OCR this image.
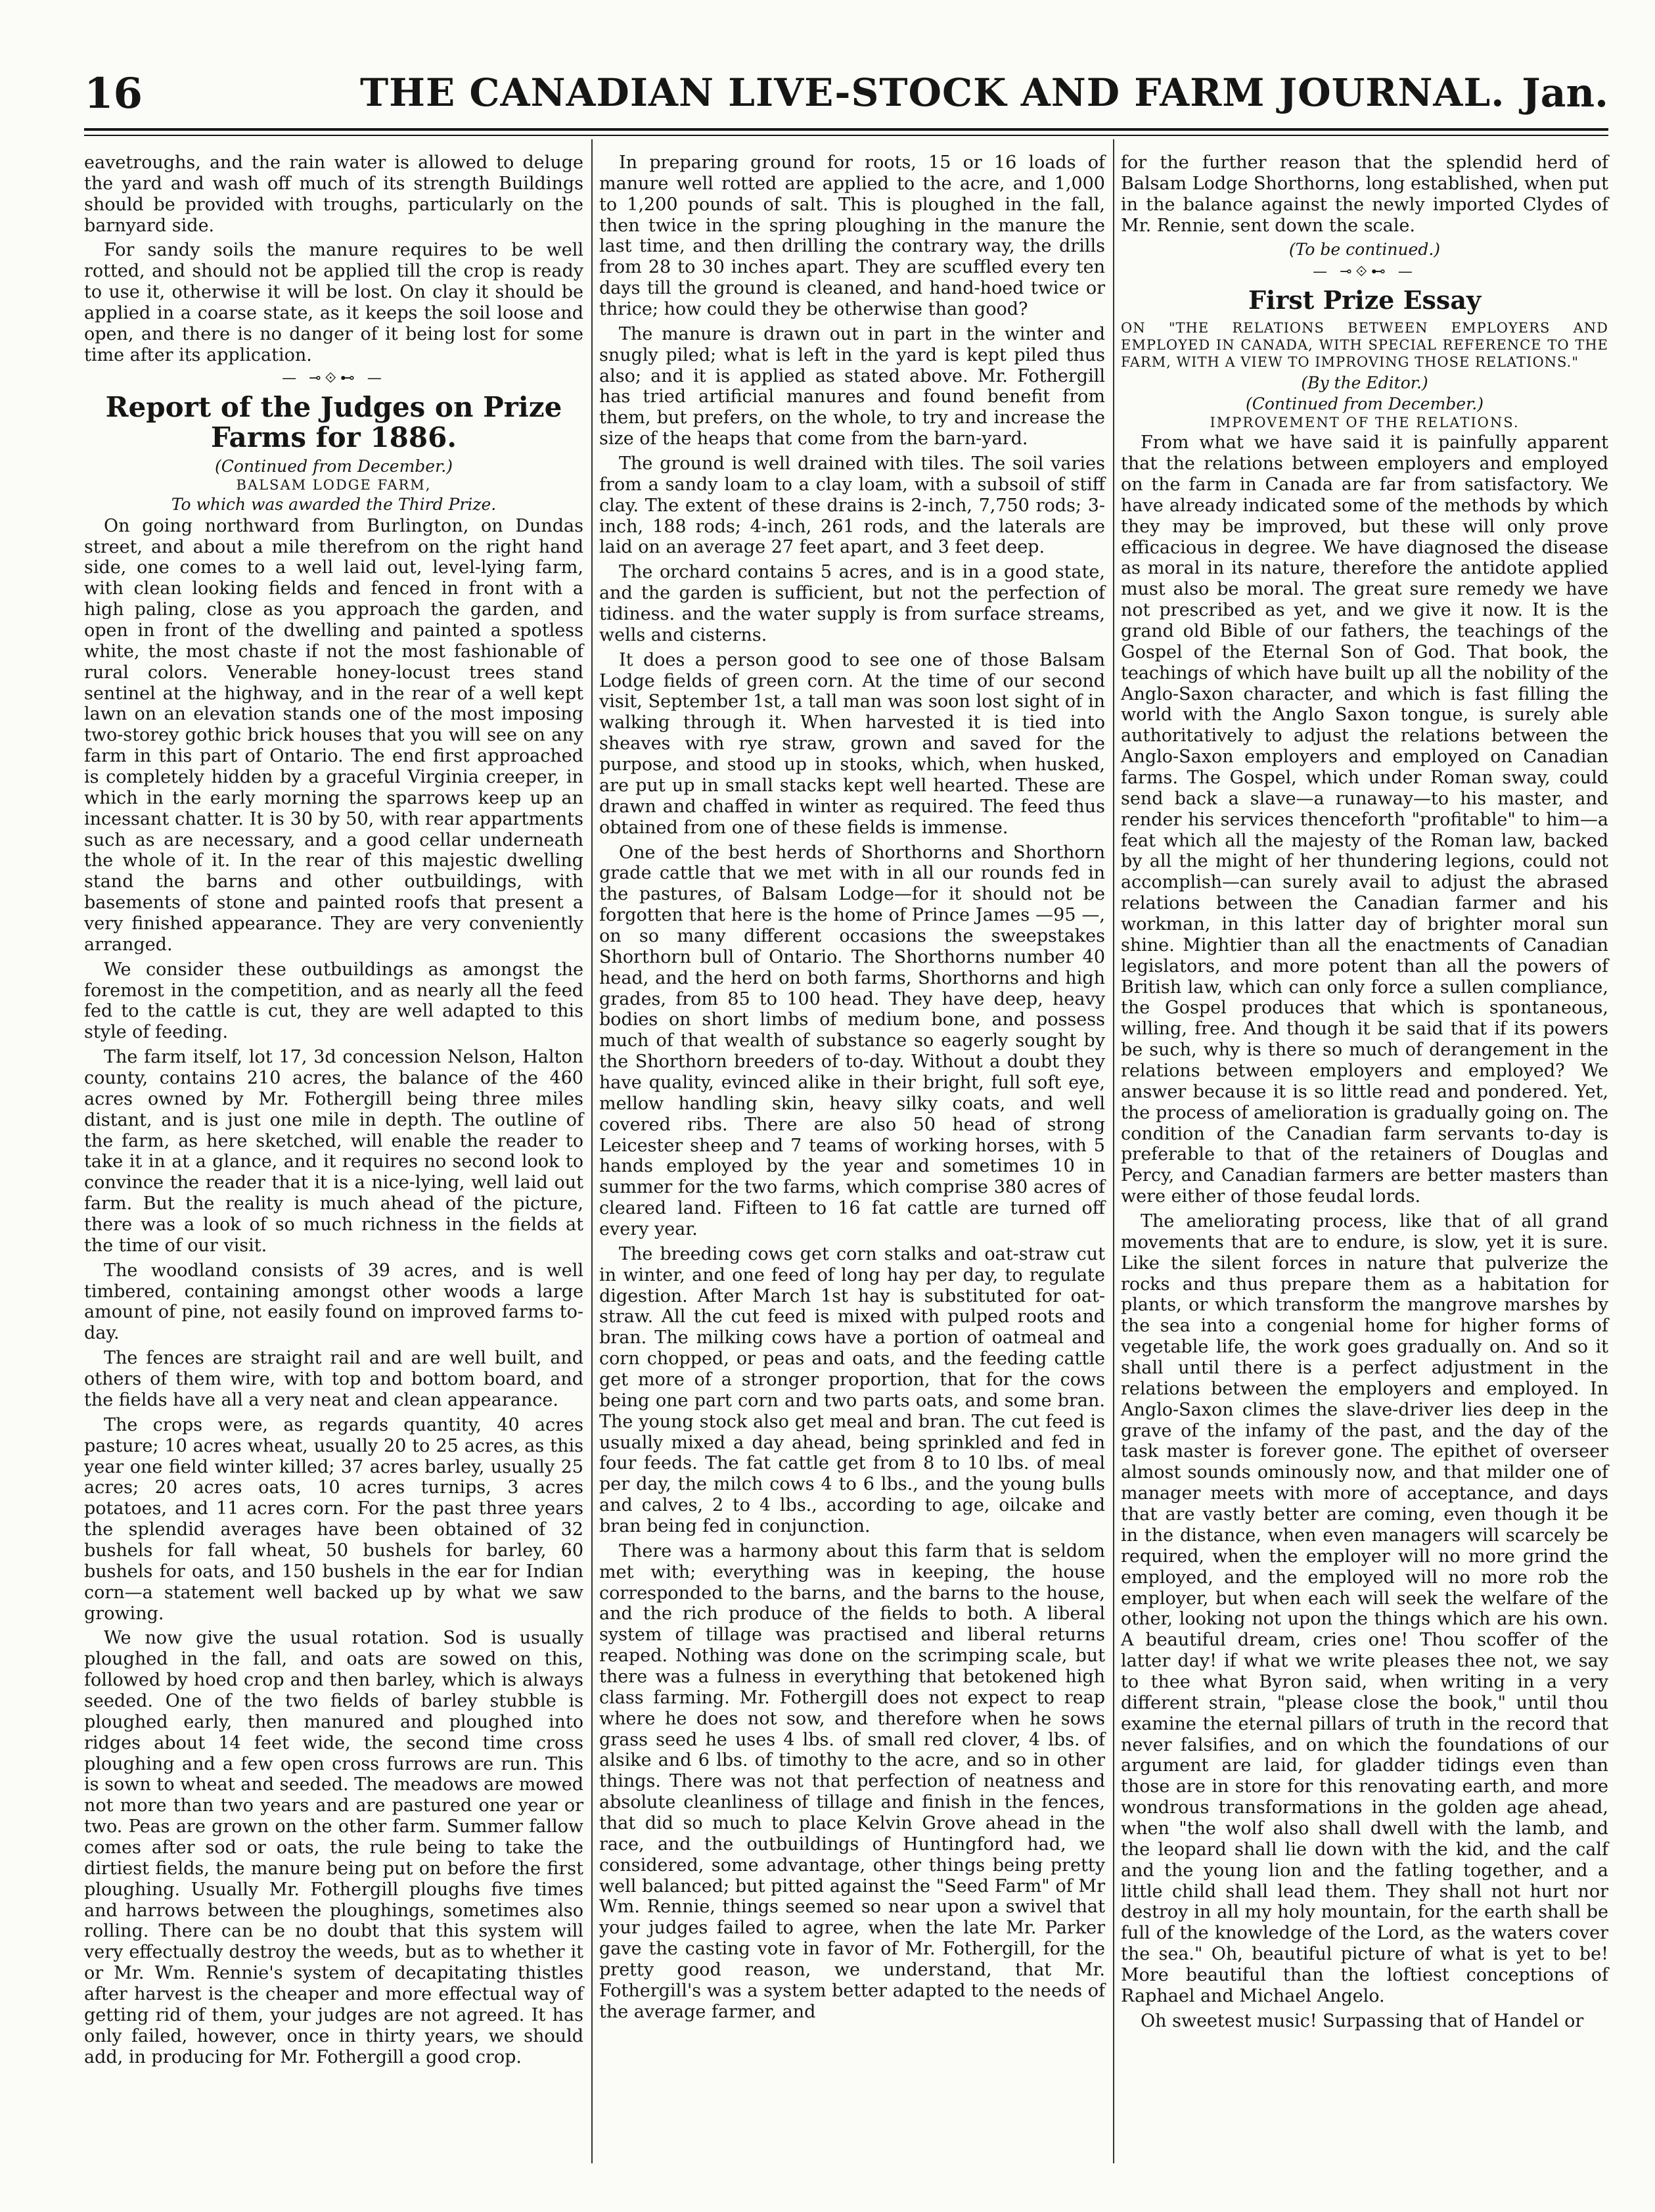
16	THE CANADIAN LIVE-STOCK AND FARM JOURNAL. Jan.

eavetroughs, and the rain water is allowed to deluge the yard and wash off much of its strength Buildings should be provided with troughs, particularly on the barnyard side.

For sandy soils the manure requires to be well rotted, and should not be applied till the crop is ready to use it, otherwise it will be lost. On clay it should be applied in a coarse state, as it keeps the soil loose and open, and there is no danger of it being lost for some time after its application.

— ⊸⟐⊷ —
Report of the Judges on Prize Farms for 1886.
(Continued from December.)
BALSAM LODGE FARM,
To which was awarded the Third Prize.

On going northward from Burlington, on Dundas street, and about a mile therefrom on the right hand side, one comes to a well laid out, level-lying farm, with clean looking fields and fenced in front with a high paling, close as you approach the garden, and open in front of the dwelling and painted a spotless white, the most chaste if not the most fashionable of rural colors. Venerable honey-locust trees stand sentinel at the highway, and in the rear of a well kept lawn on an elevation stands one of the most imposing two-storey gothic brick houses that you will see on any farm in this part of Ontario. The end first approached is completely hidden by a graceful Virginia creeper, in which in the early morning the sparrows keep up an incessant chatter. It is 30 by 50, with rear appartments such as are necessary, and a good cellar underneath the whole of it. In the rear of this majestic dwelling stand the barns and other outbuildings, with basements of stone and painted roofs that present a very finished appearance. They are very conveniently arranged.

We consider these outbuildings as amongst the foremost in the competition, and as nearly all the feed fed to the cattle is cut, they are well adapted to this style of feeding.

The farm itself, lot 17, 3d concession Nelson, Halton county, contains 210 acres, the balance of the 460 acres owned by Mr. Fothergill being three miles distant, and is just one mile in depth. The outline of the farm, as here sketched, will enable the reader to take it in at a glance, and it requires no second look to convince the reader that it is a nice-lying, well laid out farm. But the reality is much ahead of the picture, there was a look of so much richness in the fields at the time of our visit.

The woodland consists of 39 acres, and is well timbered, containing amongst other woods a large amount of pine, not easily found on improved farms to-day.

The fences are straight rail and are well built, and others of them wire, with top and bottom board, and the fields have all a very neat and clean appearance.

The crops were, as regards quantity, 40 acres pasture; 10 acres wheat, usually 20 to 25 acres, as this year one field winter killed; 37 acres barley, usually 25 acres; 20 acres oats, 10 acres turnips, 3 acres potatoes, and 11 acres corn. For the past three years the splendid averages have been obtained of 32 bushels for fall wheat, 50 bushels for barley, 60 bushels for oats, and 150 bushels in the ear for Indian corn—a statement well backed up by what we saw growing.

We now give the usual rotation. Sod is usually ploughed in the fall, and oats are sowed on this, followed by hoed crop and then barley, which is always seeded. One of the two fields of barley stubble is ploughed early, then manured and ploughed into ridges about 14 feet wide, the second time cross ploughing and a few open cross furrows are run. This is sown to wheat and seeded. The meadows are mowed not more than two years and are pastured one year or two. Peas are grown on the other farm. Summer fallow comes after sod or oats, the rule being to take the dirtiest fields, the manure being put on before the first ploughing. Usually Mr. Fothergill ploughs five times and harrows between the ploughings, sometimes also rolling. There can be no doubt that this system will very effectually destroy the weeds, but as to whether it or Mr. Wm. Rennie's system of decapitating thistles after harvest is the cheaper and more effectual way of getting rid of them, your judges are not agreed. It has only failed, however, once in thirty years, we should add, in producing for Mr. Fothergill a good crop.

In preparing ground for roots, 15 or 16 loads of manure well rotted are applied to the acre, and 1,000 to 1,200 pounds of salt. This is ploughed in the fall, then twice in the spring ploughing in the manure the last time, and then drilling the contrary way, the drills from 28 to 30 inches apart. They are scuffled every ten days till the ground is cleaned, and hand-hoed twice or thrice; how could they be otherwise than good?

The manure is drawn out in part in the winter and snugly piled; what is left in the yard is kept piled thus also; and it is applied as stated above. Mr. Fothergill has tried artificial manures and found benefit from them, but prefers, on the whole, to try and increase the size of the heaps that come from the barn-yard.

The ground is well drained with tiles. The soil varies from a sandy loam to a clay loam, with a subsoil of stiff clay. The extent of these drains is 2-inch, 7,750 rods; 3-inch, 188 rods; 4-inch, 261 rods, and the laterals are laid on an average 27 feet apart, and 3 feet deep.

The orchard contains 5 acres, and is in a good state, and the garden is sufficient, but not the perfection of tidiness. and the water supply is from surface streams, wells and cisterns.

It does a person good to see one of those Balsam Lodge fields of green corn. At the time of our second visit, September 1st, a tall man was soon lost sight of in walking through it. When harvested it is tied into sheaves with rye straw, grown and saved for the purpose, and stood up in stooks, which, when husked, are put up in small stacks kept well hearted. These are drawn and chaffed in winter as required. The feed thus obtained from one of these fields is immense.

One of the best herds of Shorthorns and Shorthorn grade cattle that we met with in all our rounds fed in the pastures, of Balsam Lodge—for it should not be forgotten that here is the home of Prince James —95 —, on so many different occasions the sweepstakes Shorthorn bull of Ontario. The Shorthorns number 40 head, and the herd on both farms, Shorthorns and high grades, from 85 to 100 head. They have deep, heavy bodies on short limbs of medium bone, and possess much of that wealth of substance so eagerly sought by the Shorthorn breeders of to-day. Without a doubt they have quality, evinced alike in their bright, full soft eye, mellow handling skin, heavy silky coats, and well covered ribs. There are also 50 head of strong Leicester sheep and 7 teams of working horses, with 5 hands employed by the year and sometimes 10 in summer for the two farms, which comprise 380 acres of cleared land. Fifteen to 16 fat cattle are turned off every year.

The breeding cows get corn stalks and oat-straw cut in winter, and one feed of long hay per day, to regulate digestion. After March 1st hay is substituted for oat-straw. All the cut feed is mixed with pulped roots and bran. The milking cows have a portion of oatmeal and corn chopped, or peas and oats, and the feeding cattle get more of a stronger proportion, that for the cows being one part corn and two parts oats, and some bran. The young stock also get meal and bran. The cut feed is usually mixed a day ahead, being sprinkled and fed in four feeds. The fat cattle get from 8 to 10 lbs. of meal per day, the milch cows 4 to 6 lbs., and the young bulls and calves, 2 to 4 lbs., according to age, oilcake and bran being fed in conjunction.

There was a harmony about this farm that is seldom met with; everything was in keeping, the house corresponded to the barns, and the barns to the house, and the rich produce of the fields to both. A liberal system of tillage was practised and liberal returns reaped. Nothing was done on the scrimping scale, but there was a fulness in everything that betokened high class farming. Mr. Fothergill does not expect to reap where he does not sow, and therefore when he sows grass seed he uses 4 lbs. of small red clover, 4 lbs. of alsike and 6 lbs. of timothy to the acre, and so in other things. There was not that perfection of neatness and absolute cleanliness of tillage and finish in the fences, that did so much to place Kelvin Grove ahead in the race, and the outbuildings of Huntingford had, we considered, some advantage, other things being pretty well balanced; but pitted against the "Seed Farm" of Mr Wm. Rennie, things seemed so near upon a swivel that your judges failed to agree, when the late Mr. Parker gave the casting vote in favor of Mr. Fothergill, for the pretty good reason, we understand, that Mr. Fothergill's was a system better adapted to the needs of the average farmer, and

for the further reason that the splendid herd of Balsam Lodge Shorthorns, long established, when put in the balance against the newly imported Clydes of Mr. Rennie, sent down the scale.

(To be continued.)
— ⊸⟐⊷ —
First Prize Essay
ON "THE RELATIONS BETWEEN EMPLOYERS AND EMPLOYED IN CANADA, WITH SPECIAL REFERENCE TO THE FARM, WITH A VIEW TO IMPROVING THOSE RELATIONS."
(By the Editor.)
(Continued from December.)
IMPROVEMENT OF THE RELATIONS.

From what we have said it is painfully apparent that the relations between employers and employed on the farm in Canada are far from satisfactory. We have already indicated some of the methods by which they may be improved, but these will only prove efficacious in degree. We have diagnosed the disease as moral in its nature, therefore the antidote applied must also be moral. The great sure remedy we have not prescribed as yet, and we give it now. It is the grand old Bible of our fathers, the teachings of the Gospel of the Eternal Son of God. That book, the teachings of which have built up all the nobility of the Anglo-Saxon character, and which is fast filling the world with the Anglo Saxon tongue, is surely able authoritatively to adjust the relations between the Anglo-Saxon employers and employed on Canadian farms. The Gospel, which under Roman sway, could send back a slave—a runaway—to his master, and render his services thenceforth "profitable" to him—a feat which all the majesty of the Roman law, backed by all the might of her thundering legions, could not accomplish—can surely avail to adjust the abrased relations between the Canadian farmer and his workman, in this latter day of brighter moral sun shine. Mightier than all the enactments of Canadian legislators, and more potent than all the powers of British law, which can only force a sullen compliance, the Gospel produces that which is spontaneous, willing, free. And though it be said that if its powers be such, why is there so much of derangement in the relations between employers and employed? We answer because it is so little read and pondered. Yet, the process of amelioration is gradually going on. The condition of the Canadian farm servants to-day is preferable to that of the retainers of Douglas and Percy, and Canadian farmers are better masters than were either of those feudal lords.

The ameliorating process, like that of all grand movements that are to endure, is slow, yet it is sure. Like the silent forces in nature that pulverize the rocks and thus prepare them as a habitation for plants, or which transform the mangrove marshes by the sea into a congenial home for higher forms of vegetable life, the work goes gradually on. And so it shall until there is a perfect adjustment in the relations between the employers and employed. In Anglo-Saxon climes the slave-driver lies deep in the grave of the infamy of the past, and the day of the task master is forever gone. The epithet of overseer almost sounds ominously now, and that milder one of manager meets with more of acceptance, and days that are vastly better are coming, even though it be in the distance, when even managers will scarcely be required, when the employer will no more grind the employed, and the employed will no more rob the employer, but when each will seek the welfare of the other, looking not upon the things which are his own. A beautiful dream, cries one! Thou scoffer of the latter day! if what we write pleases thee not, we say to thee what Byron said, when writing in a very different strain, "please close the book," until thou examine the eternal pillars of truth in the record that never falsifies, and on which the foundations of our argument are laid, for gladder tidings even than those are in store for this renovating earth, and more wondrous transformations in the golden age ahead, when "the wolf also shall dwell with the lamb, and the leopard shall lie down with the kid, and the calf and the young lion and the fatling together, and a little child shall lead them. They shall not hurt nor destroy in all my holy mountain, for the earth shall be full of the knowledge of the Lord, as the waters cover the sea." Oh, beautiful picture of what is yet to be! More beautiful than the loftiest conceptions of Raphael and Michael Angelo.

Oh sweetest music! Surpassing that of Handel or
